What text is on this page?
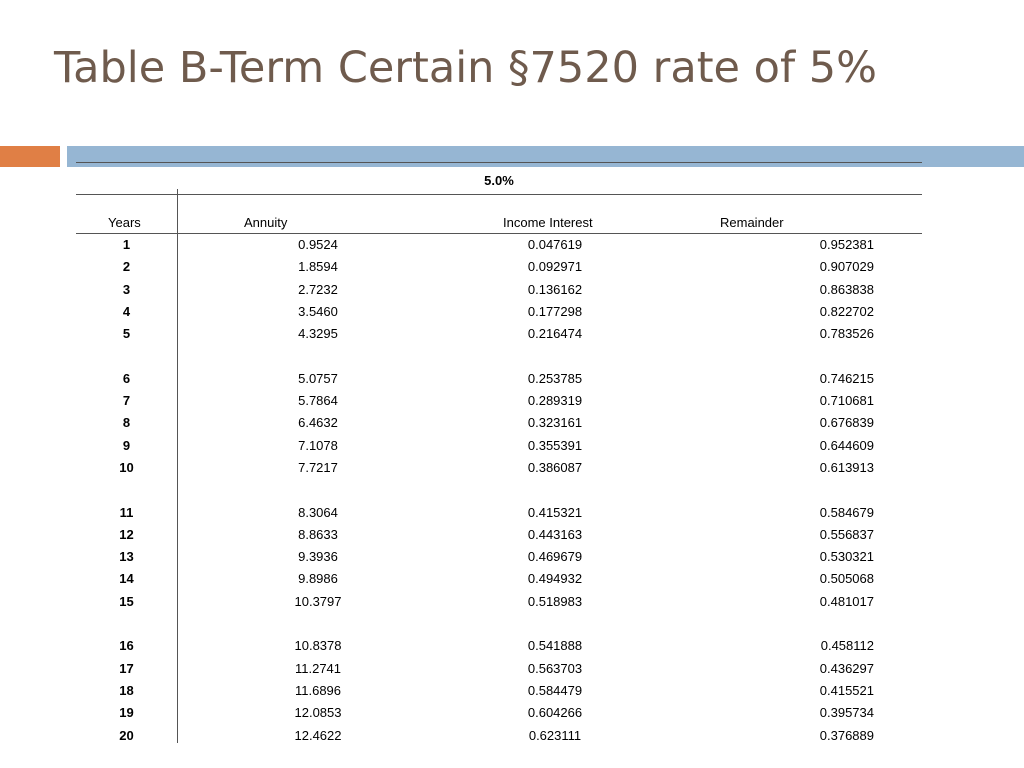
Table B-Term Certain §7520 rate of 5%
5.0%
Years	Annuity	Income Interest	Remainder
1	0.9524	0.047619	0.952381
2	1.8594	0.092971	0.907029
3	2.7232	0.136162	0.863838
4	3.5460	0.177298	0.822702
5	4.3295	0.216474	0.783526
6	5.0757	0.253785	0.746215
7	5.7864	0.289319	0.710681
8	6.4632	0.323161	0.676839
9	7.1078	0.355391	0.644609
10	7.7217	0.386087	0.613913
11	8.3064	0.415321	0.584679
12	8.8633	0.443163	0.556837
13	9.3936	0.469679	0.530321
14	9.8986	0.494932	0.505068
15	10.3797	0.518983	0.481017
16	10.8378	0.541888	0.458112
17	11.2741	0.563703	0.436297
18	11.6896	0.584479	0.415521
19	12.0853	0.604266	0.395734
20	12.4622	0.623111	0.376889
